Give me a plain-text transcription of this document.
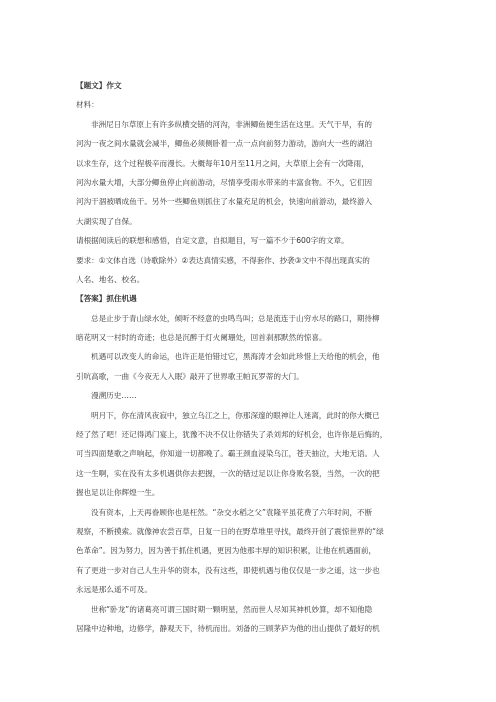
【题文】作文
材料：
非洲尼日尔草原上有许多纵横交错的河沟，非洲鲫鱼便生活在这里。天气干旱，有的
河沟一夜之间水量就会减半，鲫鱼必须侧卧着一点一点向前努力游动，游向大一些的湖泊
以求生存，这个过程极辛而漫长。大概每年10月至11月之间，大草原上会有一次降雨，
河沟水量大增，大部分鲫鱼停止向前游动，尽情享受雨水带来的丰富食物。不久，它们因
河沟干涸被晒成鱼干。另外一些鲫鱼则抓住了水量充足的机会，快速向前游动，最终游入
大湖实现了自保。
请根据阅读后的联想和感悟，自定文意，自拟题目，写一篇不少于600字的文章。
要求：①文体自选（诗歌除外）②表达真情实感，不得套作、抄袭③文中不得出现真实的
人名、地名、校名。
【答案】抓住机遇
总是止步于青山绿水处，倾听不经意的虫鸣鸟叫；总是流连于山穷水尽的路口，期待柳
暗花明又一村时的奇迹；也总是沉醉于灯火阑珊处，回首刹那默然的惊喜。
机遇可以改变人的命运，也许正是怕错过它，黑海涛才会如此珍惜上天给他的机会，他
引吭高歌，一曲《今夜无人入眠》敲开了世界歌王帕瓦罗蒂的大门。
漫溯历史……
明月下，你在清风夜寂中，独立乌江之上，你那深邃的眼神让人迷离，此时的你大概已
经了然了吧！还记得鸿门宴上，犹豫不决不仅让你错失了杀刘邦的好机会，也许你是后悔的，
可当四面楚歌之声响起，你知道一切都晚了。霸王颈血浸染乌江，苍天抽泣，大地无语。人
这一生啊，实在没有太多机遇供你去把握，一次的错过足以让你身败名裂，当然，一次的把
握也足以让你辉煌一生。
没有资本，上天再眷顾你也是枉然。“杂交水稻之父”袁隆平虽花费了六年时间，不断
观察，不断摸索。就像神农尝百草，日复一日的在野草堆里寻找，最终开创了震惊世界的“绿
色革命”。因为努力，因为善于抓住机遇，更因为他那丰厚的知识积累，让他在机遇面前，
有了更进一步对自己人生升华的资本，没有这些，即使机遇与他仅仅是一步之遥，这一步也
永远是那么遥不可及。
世称“卧龙”的诸葛亮可谓三国时期一颗明星，然而世人尽知其神机妙算，却不知他隐
居隆中边种地，边修学，静观天下，待机而出。刘备的三顾茅庐为他的出山提供了最好的机
